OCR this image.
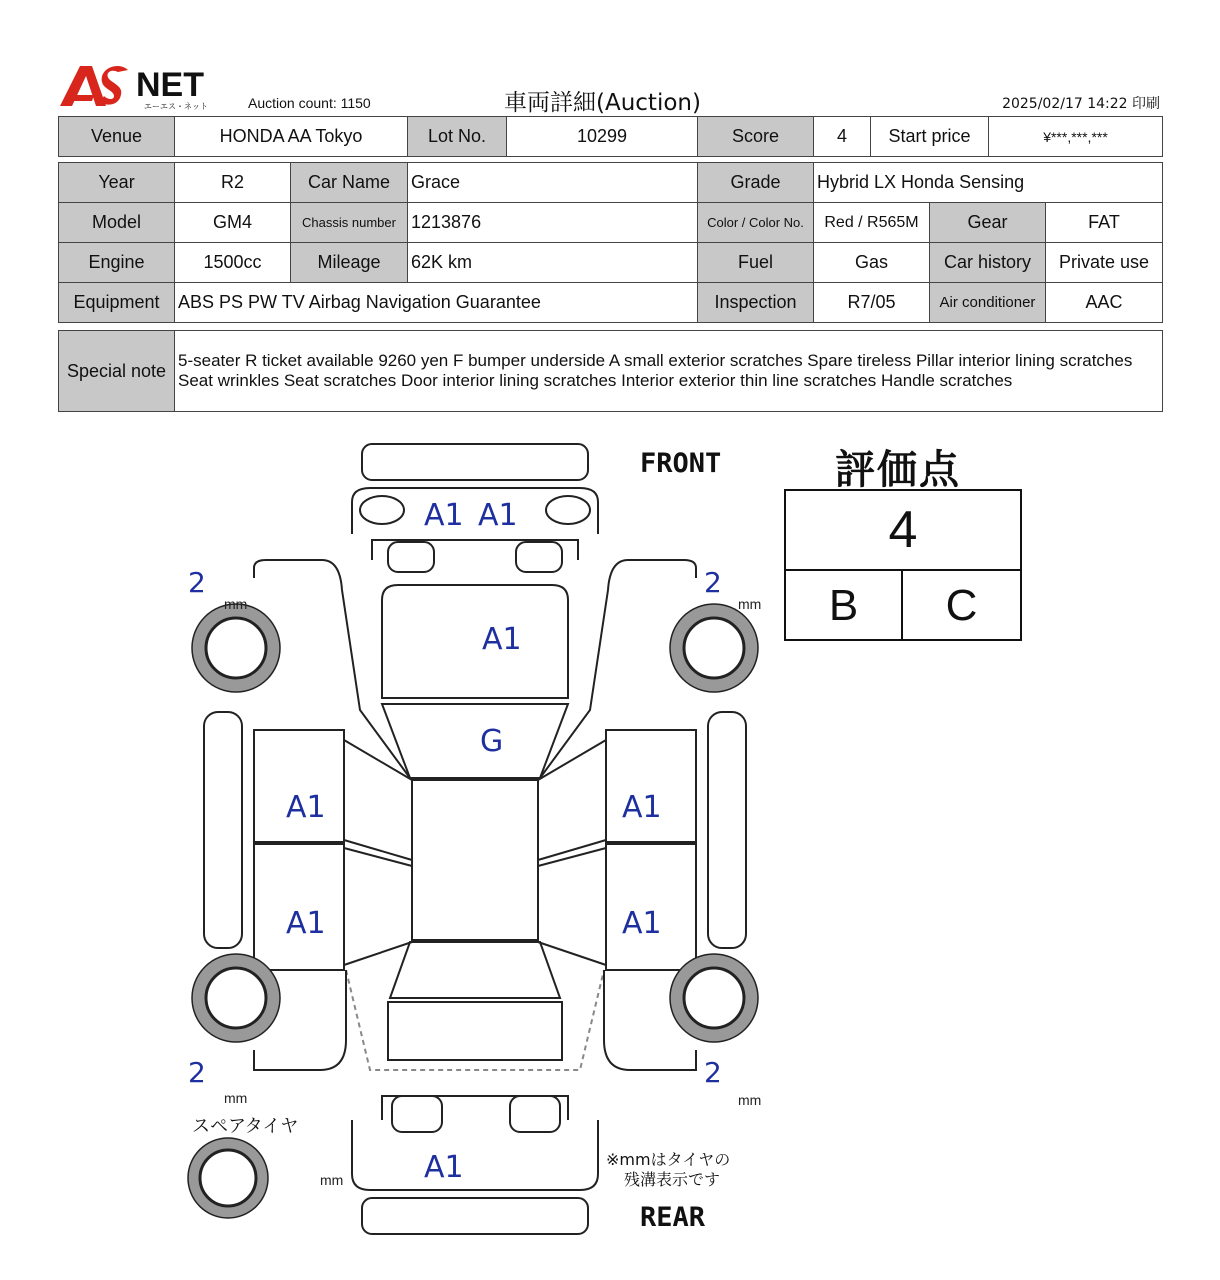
NET
エーエス・ネット	Auction count: 1150	車両詳細(Auction)	2025/02/17 14:22 印刷
Venue	HONDA AA Tokyo	Lot No.	10299	Score	4	Start price	¥***,***,***
Year	R2	Car Name	Grace	Grade	Hybrid LX Honda Sensing		
Model	GM4	Chassis number	1213876	Color / Color No.	Red / R565M	Gear	FAT
Engine	1500cc	Mileage	62K km	Fuel	Gas	Car history	Private use
Equipment	ABS PS PW TV Airbag Navigation Guarantee			Inspection	R7/05	Air conditioner	AAC
Special note	5-seater R ticket available 9260 yen F bumper underside A small exterior scratches Spare tireless Pillar interior lining scratches Seat wrinkles Seat scratches Door interior lining scratches Interior exterior thin line scratches Handle scratches
FRONT
REAR
A1 A1
A1
G
A1
A1
A1
A1
A1
2
mm
2
mm
2
mm
2
mm
mm
スペアタイヤ
※mmはタイヤの
残溝表示です
評価点
4
B	C
